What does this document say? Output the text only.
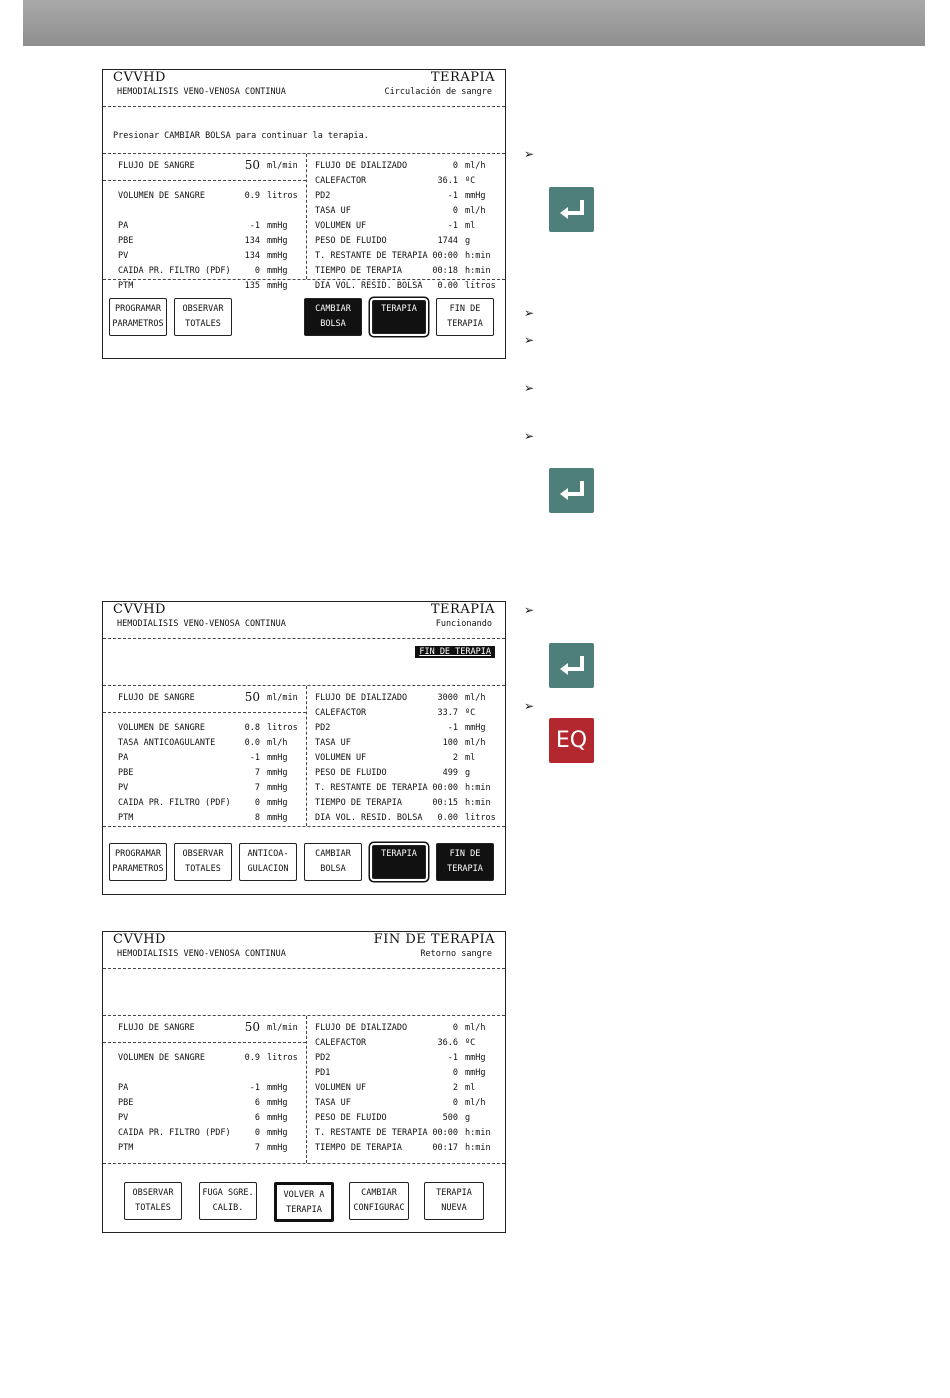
CVVHD
HEMODIALISIS VENO-VENOSA CONTINUA
TERAPIA
Circulación de sangre
Presionar CAMBIAR BOLSA para continuar la terapia.
FLUJO DE SANGRE	50 ml/min
VOLUMEN DE SANGRE	0.9 litros
PA	-1 mmHg
PBE	134 mmHg
PV	134 mmHg
CAIDA PR. FILTRO (PDF)	0 mmHg
PTM	135 mmHg
FLUJO DE DIALIZADO	0 ml/h
CALEFACTOR	36.1 ºC
PD2	-1 mmHg
TASA UF	0 ml/h
VOLUMEN UF	-1 ml
PESO DE FLUIDO	1744 g
T. RESTANTE DE TERAPIA 00:00 h:min
TIEMPO DE TERAPIA	00:18 h:min
DIA VOL. RESID. BOLSA 0.00 litros
PROGRAMAR
PARAMETROS
OBSERVAR
TOTALES
CAMBIAR
BOLSA
TERAPIA	FIN DE
TERAPIA
CVVHD
HEMODIALISIS VENO-VENOSA CONTINUA
TERAPIA
Funcionando
FIN DE TERAPIA
FLUJO DE SANGRE	50 ml/min
VOLUMEN DE SANGRE	0.8 litros
TASA ANTICOAGULANTE	0.0 ml/h
PA	-1 mmHg
PBE	7 mmHg
PV	7 mmHg
CAIDA PR. FILTRO (PDF)	0 mmHg
PTM	8 mmHg
FLUJO DE DIALIZADO	3000 ml/h
CALEFACTOR	33.7 ºC
PD2	-1 mmHg
TASA UF	100 ml/h
VOLUMEN UF	2 ml
PESO DE FLUIDO	499 g
T. RESTANTE DE TERAPIA 00:00 h:min
TIEMPO DE TERAPIA	00:15 h:min
DIA VOL. RESID. BOLSA 0.00 litros
PROGRAMAR
PARAMETROS
OBSERVAR
TOTALES
ANTICOA-
GULACION
CAMBIAR
BOLSA
TERAPIA	FIN DE
TERAPIA
CVVHD
HEMODIALISIS VENO-VENOSA CONTINUA
FIN DE TERAPIA
Retorno sangre
FLUJO DE SANGRE	50 ml/min
VOLUMEN DE SANGRE	0.9 litros
PA	-1 mmHg
PBE	6 mmHg
PV	6 mmHg
CAIDA PR. FILTRO (PDF)	0 mmHg
PTM	7 mmHg
FLUJO DE DIALIZADO	0 ml/h
CALEFACTOR	36.6 ºC
PD2	-1 mmHg
PD1	0 mmHg
VOLUMEN UF	2 ml
TASA UF	0 ml/h
PESO DE FLUIDO	500 g
T. RESTANTE DE TERAPIA 00:00 h:min
TIEMPO DE TERAPIA	00:17 h:min
OBSERVAR
TOTALES
FUGA SGRE.
CALIB.
VOLVER A
TERAPIA
CAMBIAR
CONFIGURAC
TERAPIA
NUEVA
➢
➢
➢
➢
➢
➢
➢
EQ
